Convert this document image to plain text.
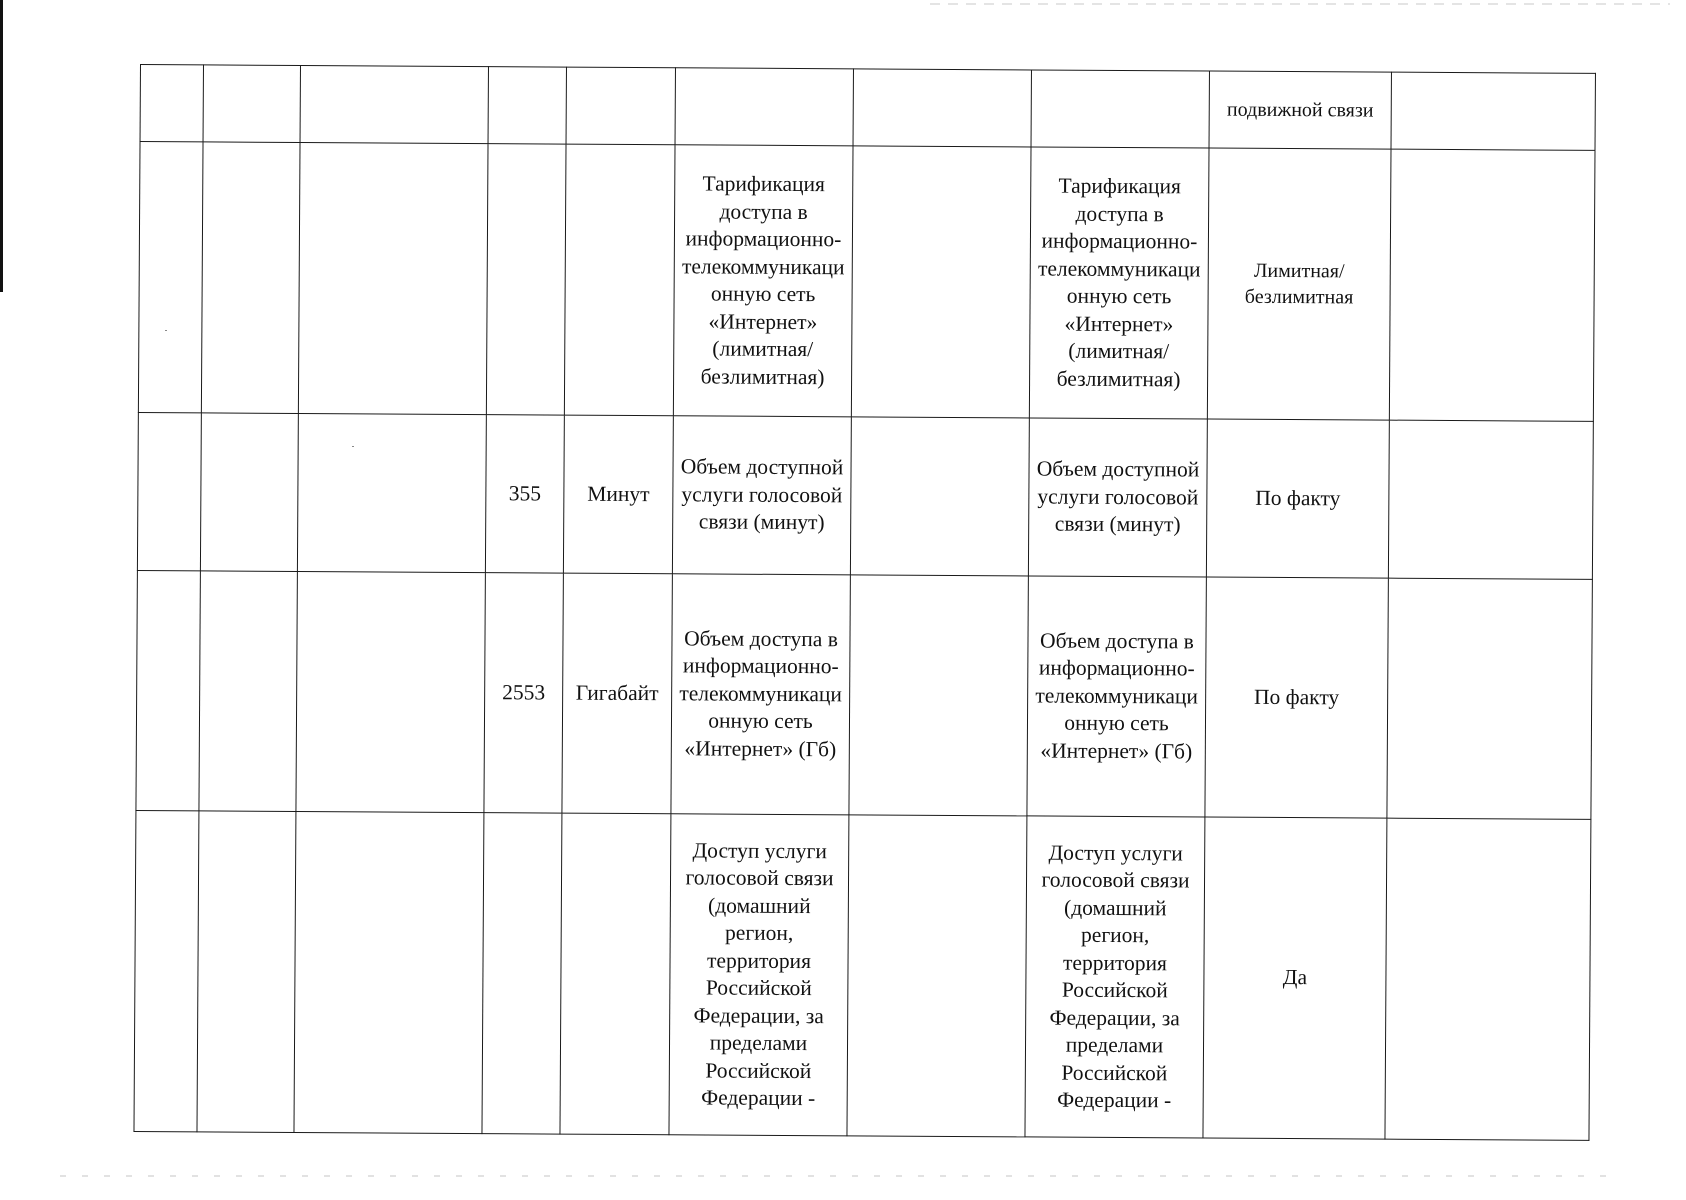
								подвижной связи	

					Тарификация доступа в информационно-телекоммуникационную сеть «Интернет» (лимитная/безлимитная)		Тарификация доступа в информационно-телекоммуникационную сеть «Интернет» (лимитная/безлимитная)	Лимитная/безлимитная	

			355	Минут	Объем доступной услуги голосовой связи (минут)		Объем доступной услуги голосовой связи (минут)	По факту	

			2553	Гигабайт	Объем доступа в информационно-телекоммуникационную сеть «Интернет» (Гб)		Объем доступа в информационно-телекоммуникационную сеть «Интернет» (Гб)	По факту	

					Доступ услуги голосовой связи (домашний регион, территория Российской Федерации, за пределами Российской Федерации -		Доступ услуги голосовой связи (домашний регион, территория Российской Федерации, за пределами Российской Федерации -	Да	
